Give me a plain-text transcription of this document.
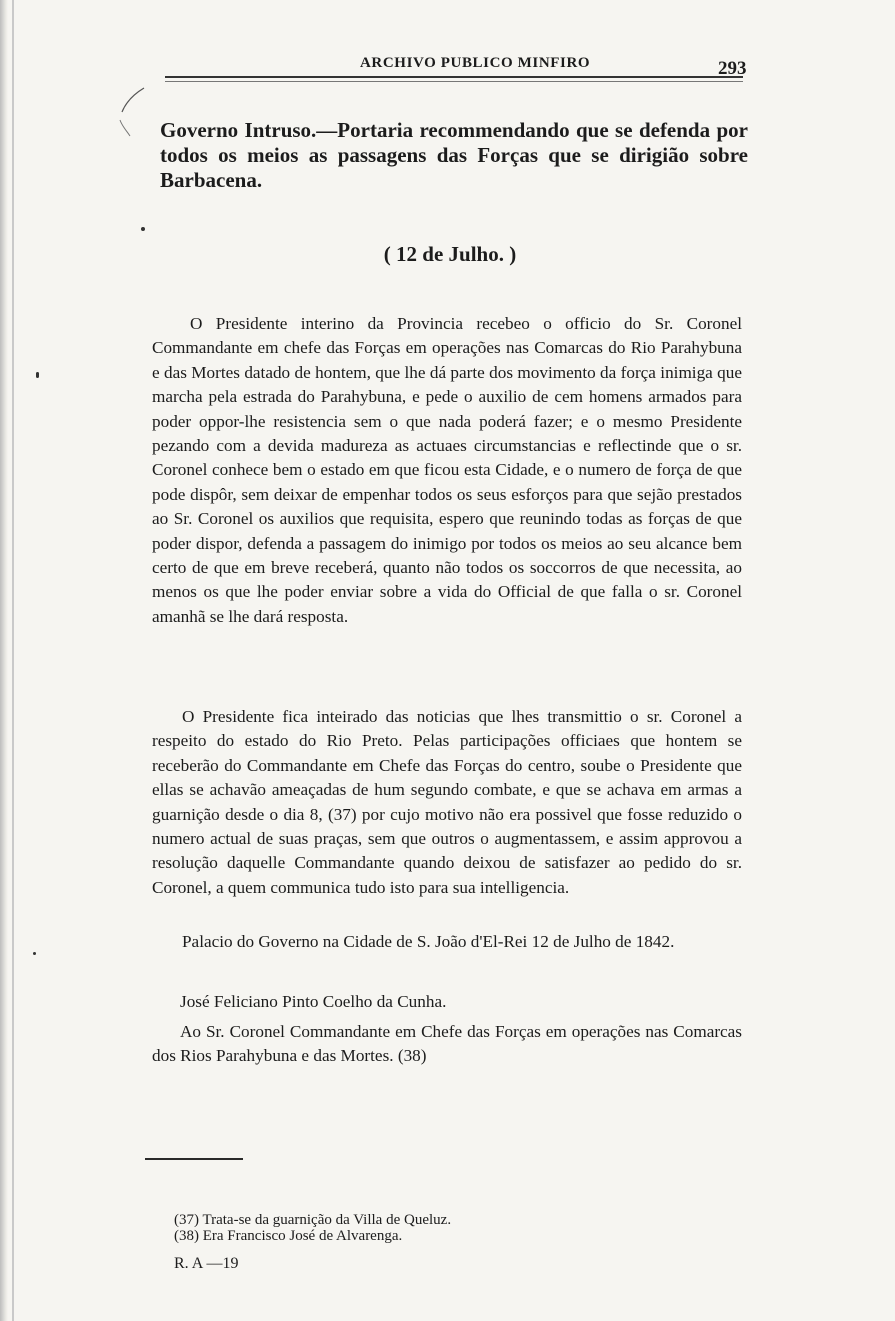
ARCHIVO PUBLICO MINFIRO	293

Governo Intruso.—Portaria recommendando que se defenda por todos os meios as passagens das Forças que se dirigião sobre Barbacena.

( 12 de Julho. )

O Presidente interino da Provincia recebeo o officio do Sr. Coronel Commandante em chefe das Forças em operações nas Comarcas do Rio Parahybuna e das Mortes datado de hontem, que lhe dá parte dos movimento da força inimiga que marcha pela estrada do Parahybuna, e pede o auxilio de cem homens armados para poder oppor-lhe resistencia sem o que nada poderá fazer; e o mesmo Presidente pezando com a devida madureza as actuaes circumstancias e reflectinde que o sr. Coronel conhece bem o estado em que ficou esta Cidade, e o numero de força de que pode dispôr, sem deixar de empenhar todos os seus esforços para que sejão prestados ao Sr. Coronel os auxilios que requisita, espero que reunindo todas as forças de que poder dispor, defenda a passagem do inimigo por todos os meios ao seu alcance bem certo de que em breve receberá, quanto não todos os soccorros de que necessita, ao menos os que lhe poder enviar sobre a vida do Official de que falla o sr. Coronel amanhã se lhe dará resposta.

O Presidente fica inteirado das noticias que lhes transmittio o sr. Coronel a respeito do estado do Rio Preto. Pelas participações officiaes que hontem se receberão do Commandante em Chefe das Forças do centro, soube o Presidente que ellas se achavão ameaçadas de hum segundo combate, e que se achava em armas a guarnição desde o dia 8, (37) por cujo motivo não era possivel que fosse reduzido o numero actual de suas praças, sem que outros o augmentassem, e assim approvou a resolução daquelle Commandante quando deixou de satisfazer ao pedido do sr. Coronel, a quem communica tudo isto para sua intelligencia.

Palacio do Governo na Cidade de S. João d'El-Rei 12 de Julho de 1842.

José Feliciano Pinto Coelho da Cunha.

Ao Sr. Coronel Commandante em Chefe das Forças em operações nas Comarcas dos Rios Parahybuna e das Mortes. (38)

(37) Trata-se da guarnição da Villa de Queluz.
(38) Era Francisco José de Alvarenga.
R. A —19
